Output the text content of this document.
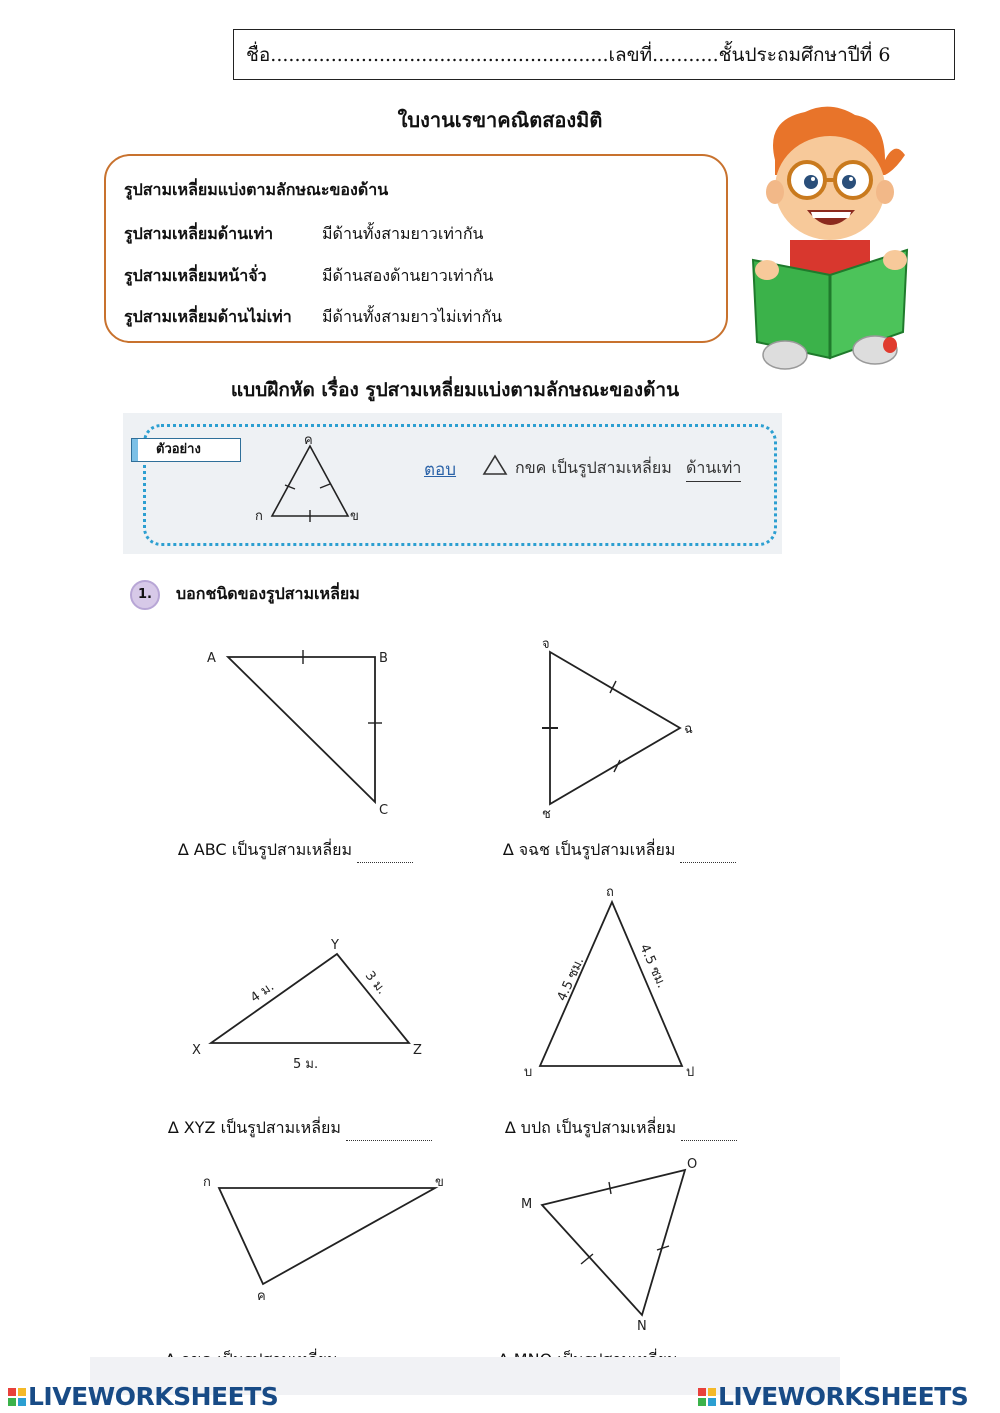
ชื่อ........................................................เลขที่...........ชั้นประถมศึกษาปีที่ 6
ใบงานเรขาคณิตสองมิติ
รูปสามเหลี่ยมแบ่งตามลักษณะของด้าน
รูปสามเหลี่ยมด้านเท่า	มีด้านทั้งสามยาวเท่ากัน
รูปสามเหลี่ยมหน้าจั่ว	มีด้านสองด้านยาวเท่ากัน
รูปสามเหลี่ยมด้านไม่เท่า มีด้านทั้งสามยาวไม่เท่ากัน
แบบฝึกหัด เรื่อง รูปสามเหลี่ยมแบ่งตามลักษณะของด้าน
ตัวอย่าง
ค
ก	ข
ตอบ	กขค เป็นรูปสามเหลี่ยม ด้านเท่า
1.	บอกชนิดของรูปสามเหลี่ยม
A	B
C
∆ ABC เป็นรูปสามเหลี่ยม
จ
ฉ
ช
∆ จฉช เป็นรูปสามเหลี่ยม
X
Y
Z
4 ม.	3 ม.
5 ม.
∆ XYZ เป็นรูปสามเหลี่ยม
ถ
บ	ป
4.5 ซม.	4.5 ซม.
∆ บปถ เป็นรูปสามเหลี่ยม
ก	ข
ค
M
O
N
LIVEWORKSHEETS	LIVEWORKSHEETS
